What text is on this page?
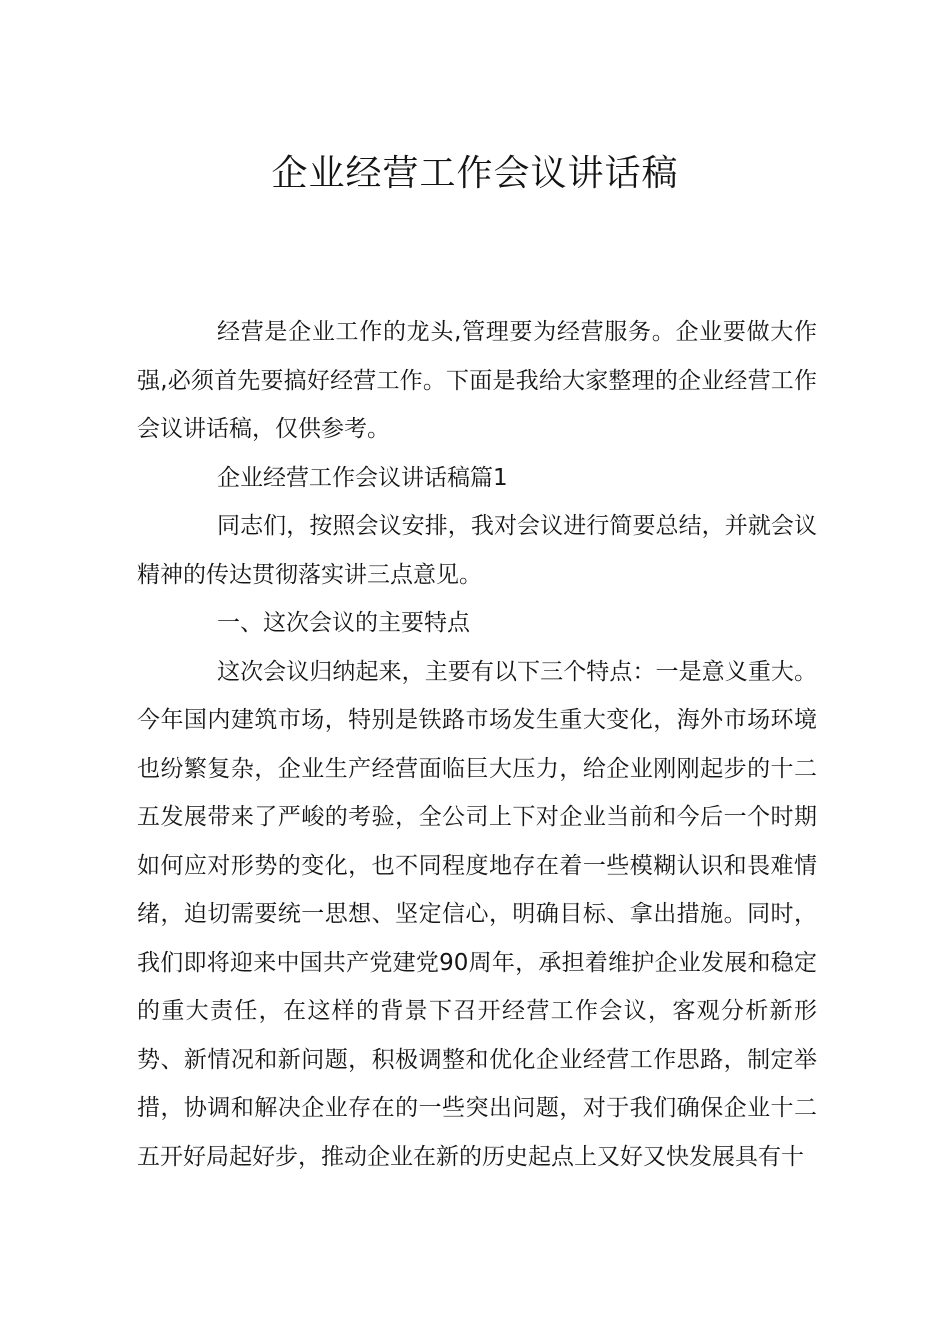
企业经营工作会议讲话稿

经营是企业工作的龙头,管理要为经营服务。企业要做大作强,必须首先要搞好经营工作。下面是我给大家整理的企业经营工作会议讲话稿，仅供参考。

企业经营工作会议讲话稿篇1

同志们，按照会议安排，我对会议进行简要总结，并就会议精神的传达贯彻落实讲三点意见。

一、这次会议的主要特点

这次会议归纳起来，主要有以下三个特点：一是意义重大。今年国内建筑市场，特别是铁路市场发生重大变化，海外市场环境也纷繁复杂，企业生产经营面临巨大压力，给企业刚刚起步的十二五发展带来了严峻的考验，全公司上下对企业当前和今后一个时期如何应对形势的变化，也不同程度地存在着一些模糊认识和畏难情绪，迫切需要统一思想、坚定信心，明确目标、拿出措施。同时，我们即将迎来中国共产党建党90周年，承担着维护企业发展和稳定的重大责任，在这样的背景下召开经营工作会议，客观分析新形势、新情况和新问题，积极调整和优化企业经营工作思路，制定举措，协调和解决企业存在的一些突出问题，对于我们确保企业十二五开好局起好步，推动企业在新的历史起点上又好又快发展具有十
